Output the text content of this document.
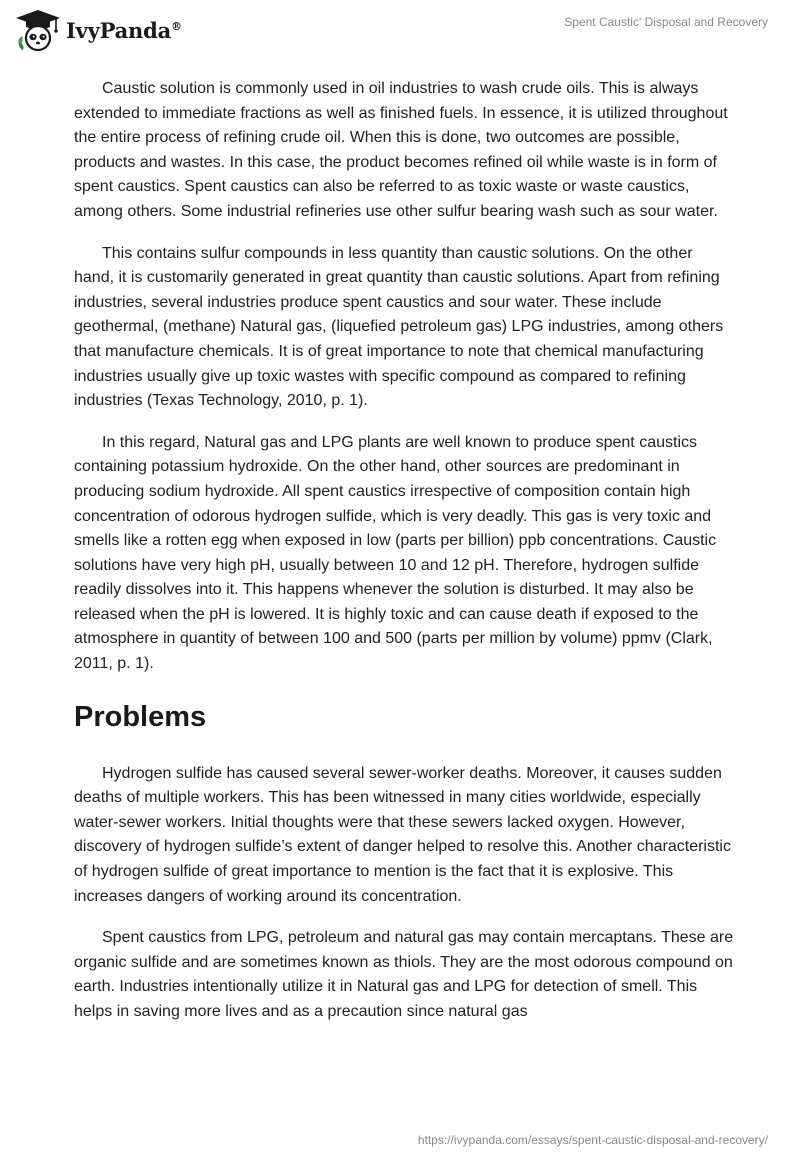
IvyPanda®	Spent Caustic' Disposal and Recovery

Caustic solution is commonly used in oil industries to wash crude oils. This is always extended to immediate fractions as well as finished fuels. In essence, it is utilized throughout the entire process of refining crude oil. When this is done, two outcomes are possible, products and wastes. In this case, the product becomes refined oil while waste is in form of spent caustics. Spent caustics can also be referred to as toxic waste or waste caustics, among others. Some industrial refineries use other sulfur bearing wash such as sour water.

This contains sulfur compounds in less quantity than caustic solutions. On the other hand, it is customarily generated in great quantity than caustic solutions. Apart from refining industries, several industries produce spent caustics and sour water. These include geothermal, (methane) Natural gas, (liquefied petroleum gas) LPG industries, among others that manufacture chemicals. It is of great importance to note that chemical manufacturing industries usually give up toxic wastes with specific compound as compared to refining industries (Texas Technology, 2010, p. 1).

In this regard, Natural gas and LPG plants are well known to produce spent caustics containing potassium hydroxide. On the other hand, other sources are predominant in producing sodium hydroxide. All spent caustics irrespective of composition contain high concentration of odorous hydrogen sulfide, which is very deadly. This gas is very toxic and smells like a rotten egg when exposed in low (parts per billion) ppb concentrations. Caustic solutions have very high pH, usually between 10 and 12 pH. Therefore, hydrogen sulfide readily dissolves into it. This happens whenever the solution is disturbed. It may also be released when the pH is lowered. It is highly toxic and can cause death if exposed to the atmosphere in quantity of between 100 and 500 (parts per million by volume) ppmv (Clark, 2011, p. 1).

Problems

Hydrogen sulfide has caused several sewer-worker deaths. Moreover, it causes sudden deaths of multiple workers. This has been witnessed in many cities worldwide, especially water-sewer workers. Initial thoughts were that these sewers lacked oxygen. However, discovery of hydrogen sulfide’s extent of danger helped to resolve this. Another characteristic of hydrogen sulfide of great importance to mention is the fact that it is explosive. This increases dangers of working around its concentration.

Spent caustics from LPG, petroleum and natural gas may contain mercaptans. These are organic sulfide and are sometimes known as thiols. They are the most odorous compound on earth. Industries intentionally utilize it in Natural gas and LPG for detection of smell. This helps in saving more lives and as a precaution since natural gas

https://ivypanda.com/essays/spent-caustic-disposal-and-recovery/
